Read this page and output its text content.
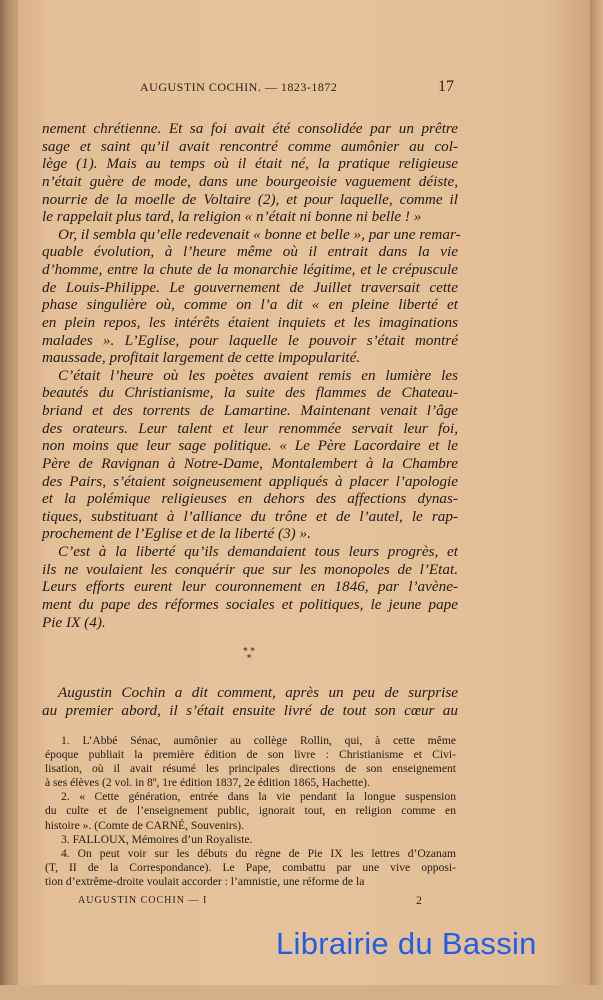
AUGUSTIN COCHIN. — 1823-1872	17
nement chrétienne. Et sa foi avait été consolidée par un prêtre
sage et saint qu’il avait rencontré comme aumônier au col-
lège (1). Mais au temps où il était né, la pratique religieuse
n’était guère de mode, dans une bourgeoisie vaguement déiste,
nourrie de la moelle de Voltaire (2), et pour laquelle, comme il
le rappelait plus tard, la religion « n’était ni bonne ni belle ! »
Or, il sembla qu’elle redevenait « bonne et belle », par une remar-
quable évolution, à l’heure même où il entrait dans la vie
d’homme, entre la chute de la monarchie légitime, et le crépuscule
de Louis-Philippe. Le gouvernement de Juillet traversait cette
phase singulière où, comme on l’a dit « en pleine liberté et
en plein repos, les intérêts étaient inquiets et les imaginations
malades ». L’Eglise, pour laquelle le pouvoir s’était montré
maussade, profitait largement de cette impopularité.
C’était l’heure où les poètes avaient remis en lumière les
beautés du Christianisme, la suite des flammes de Chateau-
briand et des torrents de Lamartine. Maintenant venait l’âge
des orateurs. Leur talent et leur renommée servait leur foi,
non moins que leur sage politique. « Le Père Lacordaire et le
Père de Ravignan à Notre-Dame, Montalembert à la Chambre
des Pairs, s’étaient soigneusement appliqués à placer l’apologie
et la polémique religieuses en dehors des affections dynas-
tiques, substituant à l’alliance du trône et de l’autel, le rap-
prochement de l’Eglise et de la liberté (3) ».
C’est à la liberté qu’ils demandaient tous leurs progrès, et
ils ne voulaient les conquérir que sur les monopoles de l’Etat.
Leurs efforts eurent leur couronnement en 1846, par l’avène-
ment du pape des réformes sociales et politiques, le jeune pape
Pie IX (4).
* *
*
Augustin Cochin a dit comment, après un peu de surprise
au premier abord, il s’était ensuite livré de tout son cœur au
1. L’Abbé Sénac, aumônier au collège Rollin, qui, à cette même
époque publiait la première édition de son livre : Christianisme et Civi-
lisation, où il avait résumé les principales directions de son enseignement
à ses élèves (2 vol. in 8º, 1re édition 1837, 2e édition 1865, Hachette).
2. « Cette génération, entrée dans la vie pendant la longue suspension
du culte et de l’enseignement public, ignorait tout, en religion comme en
histoire ». (Comte de CARNÉ, Souvenirs).
3. FALLOUX, Mémoires d’un Royaliste.
4. On peut voir sur les débuts du règne de Pie IX les lettres d’Ozanam
(T, II de la Correspondance). Le Pape, combattu par une vive opposi-
tion d’extrême-droite voulait accorder : l’amnistie, une réforme de la
AUGUSTIN COCHIN — I	2
Librairie du Bassin
